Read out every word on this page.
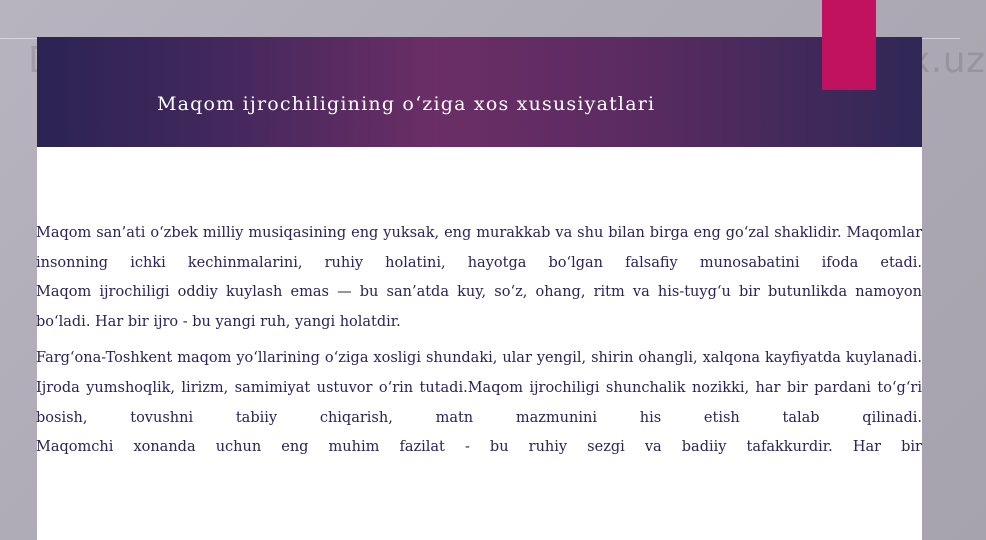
Maqom ijrochiligining o‘ziga xos xususiyatlari

Maqom san’ati o‘zbek milliy musiqasining eng yuksak, eng murakkab va shu bilan birga eng go‘zal shaklidir. Maqomlar insonning ichki kechinmalarini, ruhiy holatini, hayotga bo‘lgan falsafiy munosabatini ifoda etadi.

Maqom ijrochiligi oddiy kuylash emas — bu san’atda kuy, so‘z, ohang, ritm va his-tuyg‘u bir butunlikda namoyon bo‘ladi. Har bir ijro - bu yangi ruh, yangi holatdir.

Farg‘ona-Toshkent maqom yo‘llarining o‘ziga xosligi shundaki, ular yengil, shirin ohangli, xalqona kayfiyatda kuylanadi. Ijroda yumshoqlik, lirizm, samimiyat ustuvor o‘rin tutadi.Maqom ijrochiligi shunchalik nozikki, har bir pardani to‘g‘ri bosish, tovushni tabiiy chiqarish, matn mazmunini his etish talab qilinadi.

Maqomchi xonanda uchun eng muhim fazilat - bu ruhiy sezgi va badiiy tafakkurdir. Har bir
